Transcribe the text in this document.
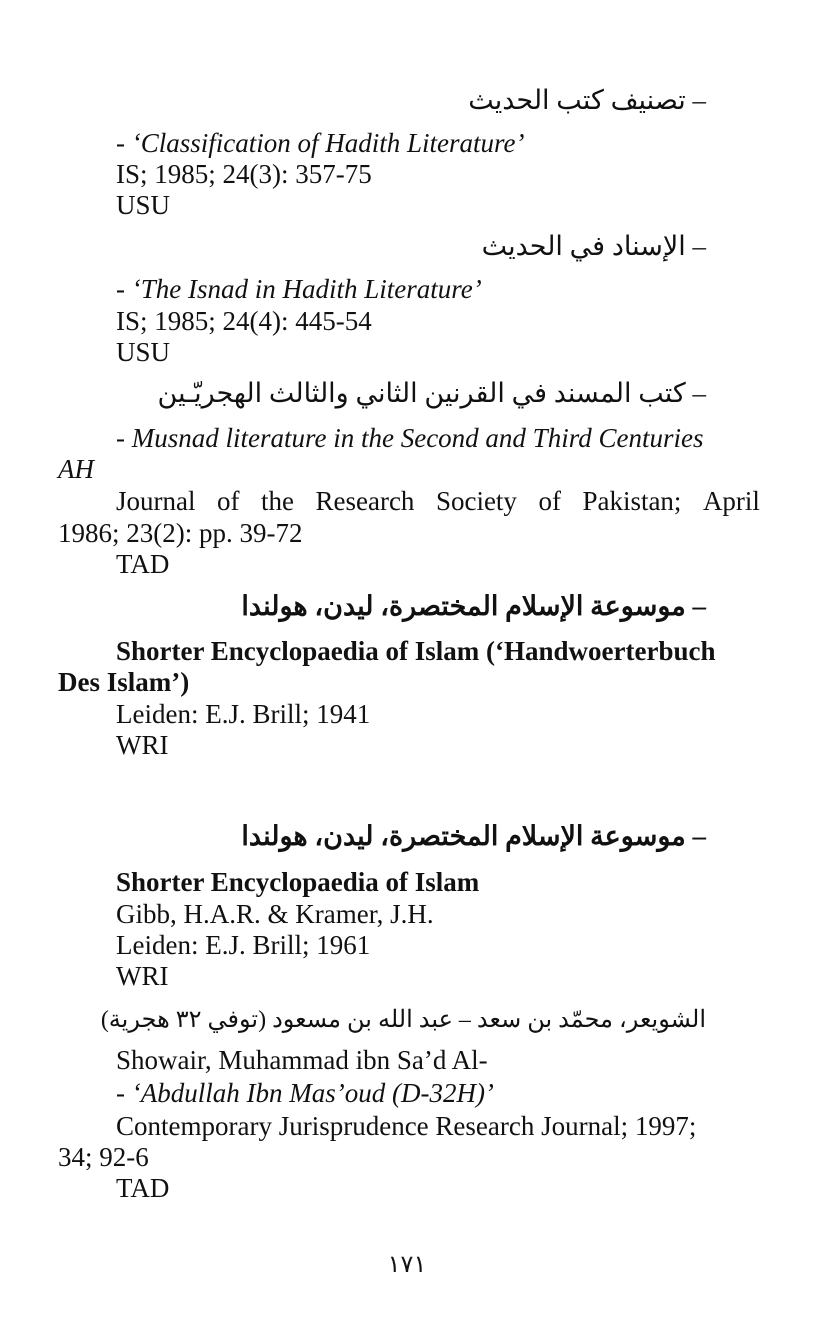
– تصنيف كتب الحديث
- ‘Classification of Hadith Literature’
IS; 1985; 24(3): 357-75
USU
– الإسناد في الحديث
- ‘The Isnad in Hadith Literature’
IS; 1985; 24(4): 445-54
USU
– كتب المسند في القرنين الثاني والثالث الهجريّـين
- Musnad literature in the Second and Third Centuries
AH
Journal of the Research Society of Pakistan; April
1986; 23(2): pp. 39-72
TAD
– موسوعة الإسلام المختصرة، ليدن، هولندا
Shorter Encyclopaedia of Islam (‘Handwoerterbuch
Des Islam’)
Leiden: E.J. Brill; 1941
WRI
– موسوعة الإسلام المختصرة، ليدن، هولندا
Shorter Encyclopaedia of Islam
Gibb, H.A.R. & Kramer, J.H.
Leiden: E.J. Brill; 1961
WRI
الشويعر، محمّد بن سعد – عبد الله بن مسعود (توفي ٣٢ هجرية)
Showair, Muhammad ibn Sa’d Al-
- ‘Abdullah Ibn Mas’oud (D-32H)’
Contemporary Jurisprudence Research Journal; 1997;
34; 92-6
TAD
١٧١
